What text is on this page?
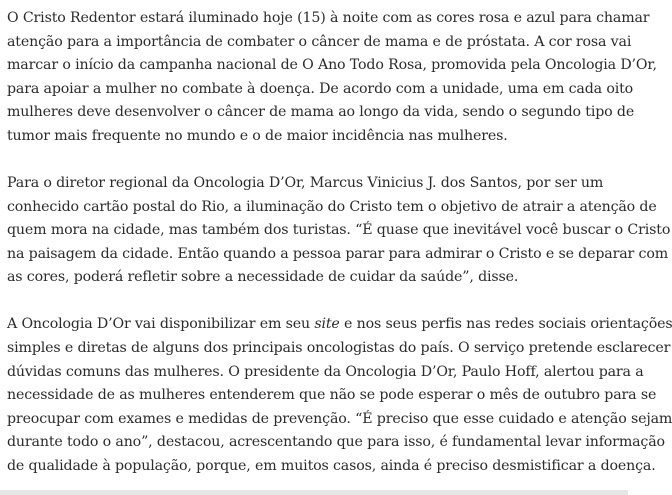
O Cristo Redentor estará iluminado hoje (15) à noite com as cores rosa e azul para chamar
atenção para a importância de combater o câncer de mama e de próstata. A cor rosa vai
marcar o início da campanha nacional de O Ano Todo Rosa, promovida pela Oncologia D’Or,
para apoiar a mulher no combate à doença. De acordo com a unidade, uma em cada oito
mulheres deve desenvolver o câncer de mama ao longo da vida, sendo o segundo tipo de
tumor mais frequente no mundo e o de maior incidência nas mulheres.

Para o diretor regional da Oncologia D’Or, Marcus Vinicius J. dos Santos, por ser um
conhecido cartão postal do Rio, a iluminação do Cristo tem o objetivo de atrair a atenção de
quem mora na cidade, mas também dos turistas. “É quase que inevitável você buscar o Cristo
na paisagem da cidade. Então quando a pessoa parar para admirar o Cristo e se deparar com
as cores, poderá refletir sobre a necessidade de cuidar da saúde”, disse.

A Oncologia D’Or vai disponibilizar em seu site e nos seus perfis nas redes sociais orientações
simples e diretas de alguns dos principais oncologistas do país. O serviço pretende esclarecer
dúvidas comuns das mulheres. O presidente da Oncologia D’Or, Paulo Hoff, alertou para a
necessidade de as mulheres entenderem que não se pode esperar o mês de outubro para se
preocupar com exames e medidas de prevenção. “É preciso que esse cuidado e atenção sejam
durante todo o ano”, destacou, acrescentando que para isso, é fundamental levar informação
de qualidade à população, porque, em muitos casos, ainda é preciso desmistificar a doença.
